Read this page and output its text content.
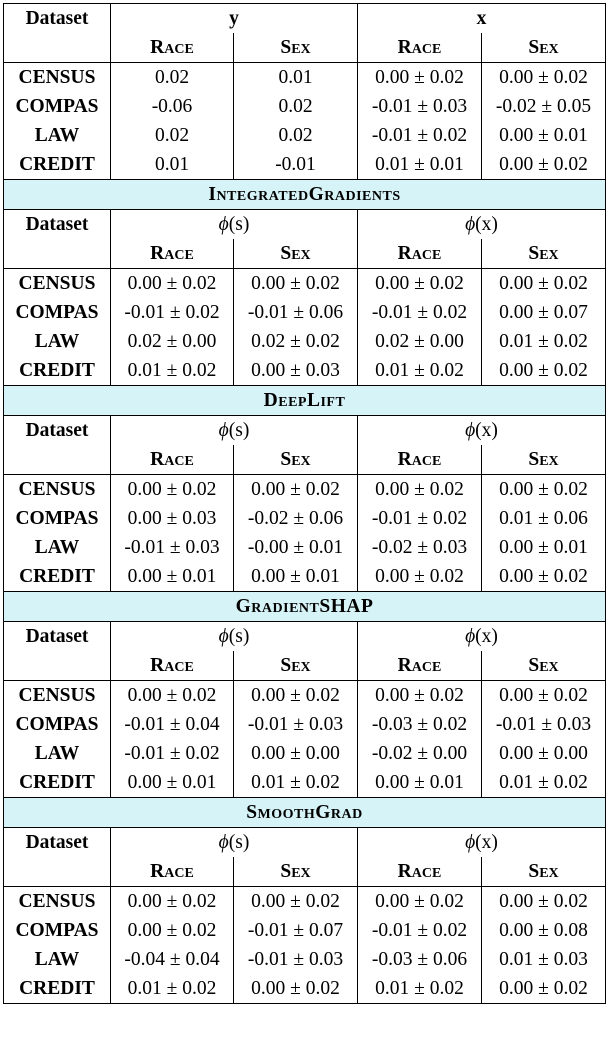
Dataset	y		x	
	Race	Sex	Race	Sex
CENSUS	0.02	0.01	0.00 ± 0.02	0.00 ± 0.02
COMPAS	-0.06	0.02	-0.01 ± 0.03	-0.02 ± 0.05
LAW	0.02	0.02	-0.01 ± 0.02	0.00 ± 0.01
CREDIT	0.01	-0.01	0.01 ± 0.01	0.00 ± 0.02
IntegratedGradients				
Dataset	ϕ(s)		ϕ(x)	
	Race	Sex	Race	Sex
CENSUS	0.00 ± 0.02	0.00 ± 0.02	0.00 ± 0.02	0.00 ± 0.02
COMPAS	-0.01 ± 0.02	-0.01 ± 0.06	-0.01 ± 0.02	0.00 ± 0.07
LAW	0.02 ± 0.00	0.02 ± 0.02	0.02 ± 0.00	0.01 ± 0.02
CREDIT	0.01 ± 0.02	0.00 ± 0.03	0.01 ± 0.02	0.00 ± 0.02
DeepLift				
Dataset	ϕ(s)		ϕ(x)	
	Race	Sex	Race	Sex
CENSUS	0.00 ± 0.02	0.00 ± 0.02	0.00 ± 0.02	0.00 ± 0.02
COMPAS	0.00 ± 0.03	-0.02 ± 0.06	-0.01 ± 0.02	0.01 ± 0.06
LAW	-0.01 ± 0.03	-0.00 ± 0.01	-0.02 ± 0.03	0.00 ± 0.01
CREDIT	0.00 ± 0.01	0.00 ± 0.01	0.00 ± 0.02	0.00 ± 0.02
GradientSHAP				
Dataset	ϕ(s)		ϕ(x)	
	Race	Sex	Race	Sex
CENSUS	0.00 ± 0.02	0.00 ± 0.02	0.00 ± 0.02	0.00 ± 0.02
COMPAS	-0.01 ± 0.04	-0.01 ± 0.03	-0.03 ± 0.02	-0.01 ± 0.03
LAW	-0.01 ± 0.02	0.00 ± 0.00	-0.02 ± 0.00	0.00 ± 0.00
CREDIT	0.00 ± 0.01	0.01 ± 0.02	0.00 ± 0.01	0.01 ± 0.02
SmoothGrad				
Dataset	ϕ(s)		ϕ(x)	
	Race	Sex	Race	Sex
CENSUS	0.00 ± 0.02	0.00 ± 0.02	0.00 ± 0.02	0.00 ± 0.02
COMPAS	0.00 ± 0.02	-0.01 ± 0.07	-0.01 ± 0.02	0.00 ± 0.08
LAW	-0.04 ± 0.04	-0.01 ± 0.03	-0.03 ± 0.06	0.01 ± 0.03
CREDIT	0.01 ± 0.02	0.00 ± 0.02	0.01 ± 0.02	0.00 ± 0.02
